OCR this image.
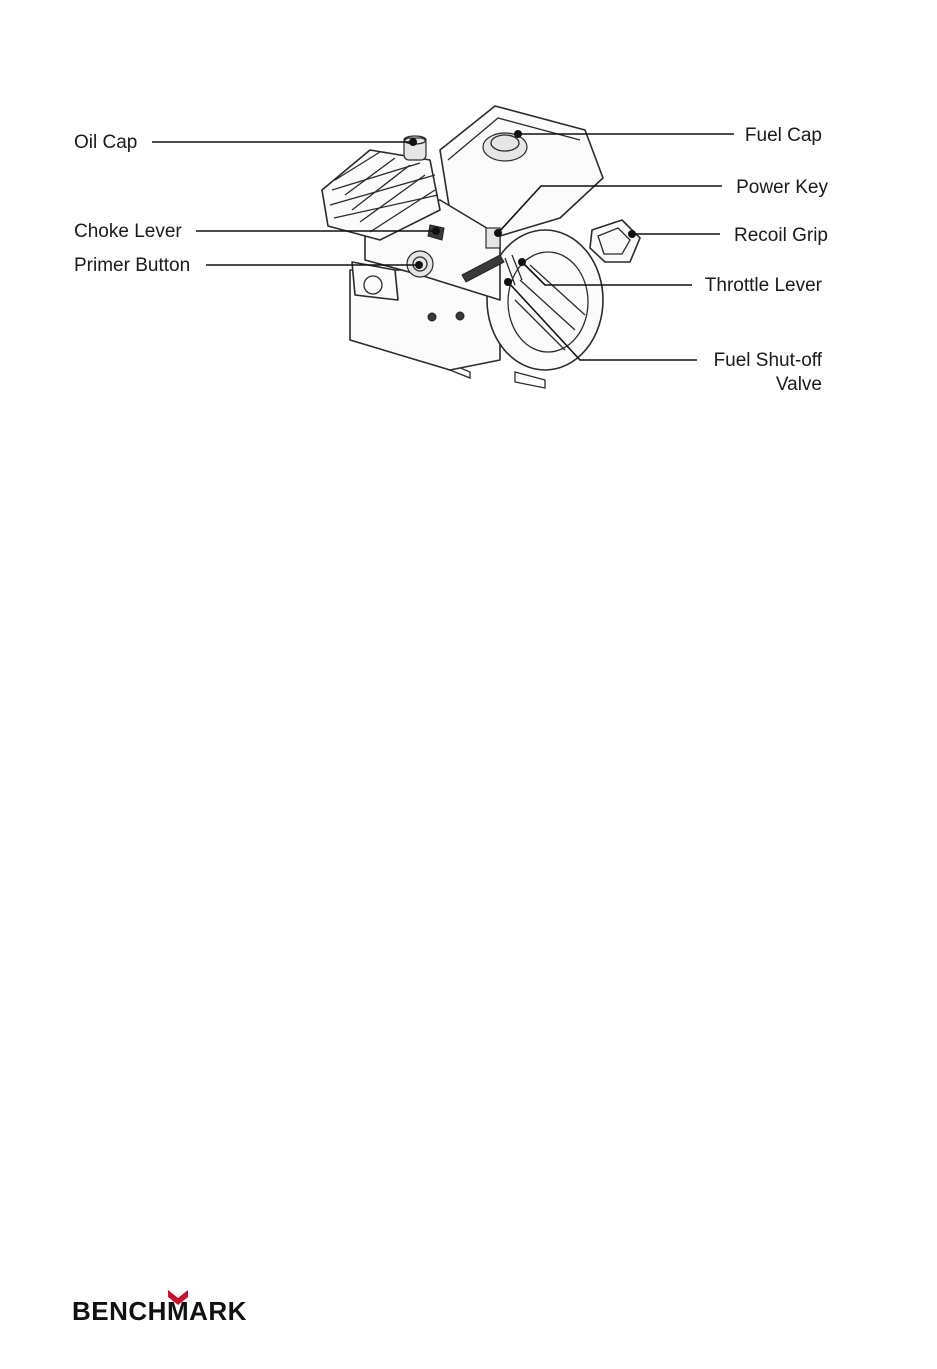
Oil Cap
Choke Lever
Primer Button
Fuel Cap
Power Key
Recoil Grip
Throttle Lever
Fuel Shut-off
Valve
BENCHMARK
